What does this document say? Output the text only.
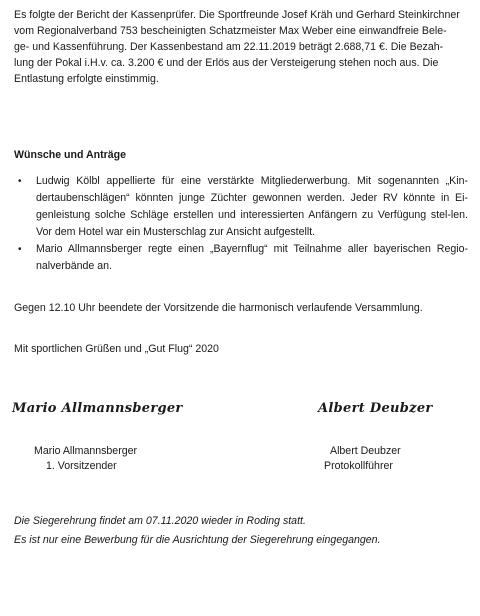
Es folgte der Bericht der Kassenprüfer. Die Sportfreunde Josef Kräh und Gerhard Steinkirchner
vom Regionalverband 753 bescheinigten Schatzmeister Max Weber eine einwandfreie Bele-
ge- und Kassenführung. Der Kassenbestand am 22.11.2019 beträgt 2.688,71 €. Die Bezah-
lung der Pokal i.H.v. ca. 3.200 € und der Erlös aus der Versteigerung stehen noch aus. Die
Entlastung erfolgte einstimmig.
Wünsche und Anträge
• Ludwig Kölbl appellierte für eine verstärkte Mitgliederwerbung. Mit sogenannten „Kin-dertaubenschlägen“ könnten junge Züchter gewonnen werden. Jeder RV könnte in Ei-genleistung solche Schläge erstellen und interessierten Anfängern zu Verfügung stel-len. Vor dem Hotel war ein Musterschlag zur Ansicht aufgestellt.
• Mario Allmannsberger regte einen „Bayernflug“ mit Teilnahme aller bayerischen Regio-nalverbände an.
Gegen 12.10 Uhr beendete der Vorsitzende die harmonisch verlaufende Versammlung.
Mit sportlichen Grüßen und „Gut Flug“ 2020
Mario Allmannsberger	Albert Deubzer
Mario Allmannsberger
1. Vorsitzender
Albert Deubzer
Protokollführer
Die Siegerehrung findet am 07.11.2020 wieder in Roding statt.
Es ist nur eine Bewerbung für die Ausrichtung der Siegerehrung eingegangen.
